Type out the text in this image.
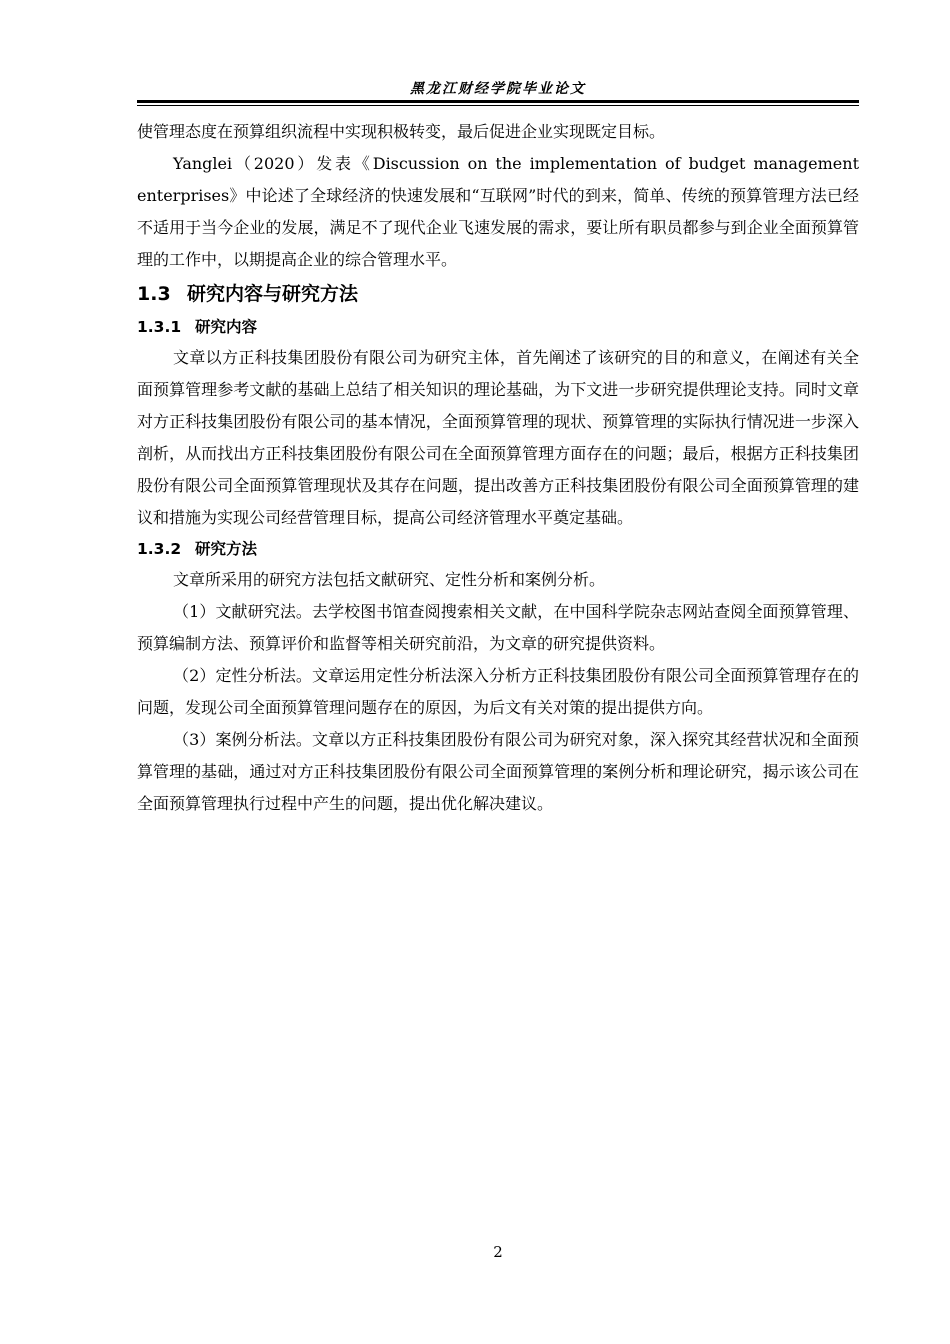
黑龙江财经学院毕业论文

使管理态度在预算组织流程中实现积极转变，最后促进企业实现既定目标。

Yanglei（2020）发表《Discussion on the implementation of budget management enterprises》中论述了全球经济的快速发展和“互联网”时代的到来，简单、传统的预算管理方法已经不适用于当今企业的发展，满足不了现代企业飞速发展的需求，要让所有职员都参与到企业全面预算管理的工作中，以期提高企业的综合管理水平。

1.3 研究内容与研究方法
1.3.1 研究内容

文章以方正科技集团股份有限公司为研究主体，首先阐述了该研究的目的和意义，在阐述有关全面预算管理参考文献的基础上总结了相关知识的理论基础，为下文进一步研究提供理论支持。同时文章对方正科技集团股份有限公司的基本情况，全面预算管理的现状、预算管理的实际执行情况进一步深入剖析，从而找出方正科技集团股份有限公司在全面预算管理方面存在的问题；最后，根据方正科技集团股份有限公司全面预算管理现状及其存在问题，提出改善方正科技集团股份有限公司全面预算管理的建议和措施为实现公司经营管理目标，提高公司经济管理水平奠定基础。

1.3.2 研究方法

文章所采用的研究方法包括文献研究、定性分析和案例分析。

（1）文献研究法。去学校图书馆查阅搜索相关文献，在中国科学院杂志网站查阅全面预算管理、预算编制方法、预算评价和监督等相关研究前沿，为文章的研究提供资料。

（2）定性分析法。文章运用定性分析法深入分析方正科技集团股份有限公司全面预算管理存在的问题，发现公司全面预算管理问题存在的原因，为后文有关对策的提出提供方向。

（3）案例分析法。文章以方正科技集团股份有限公司为研究对象，深入探究其经营状况和全面预算管理的基础，通过对方正科技集团股份有限公司全面预算管理的案例分析和理论研究，揭示该公司在全面预算管理执行过程中产生的问题，提出优化解决建议。

2
